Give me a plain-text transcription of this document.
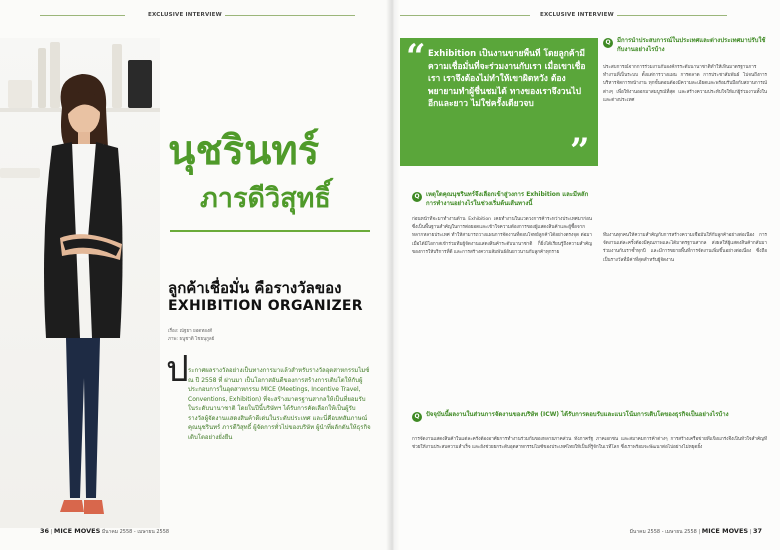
EXCLUSIVE INTERVIEW
นุชรินทร์
ภารดีวิสุทธิ์
ลูกค้าเชื่อมั่น คือรางวัลของ
EXHIBITION ORGANIZER
เรื่อง: ณัฐยา ยอดทองดี
ภาพ: ธนูชาติ ไชยนุกูลย์
ป ระกาศผลรางวัลอย่างเป็นทางการมาแล้วสำหรับรางวัลอุตสาหกรรมไมซ์ ณ ปี 2558 ที่ ผ่านมา เป็นโอกาสอันดีของการสร้างการเติบโตให้กับผู้ประกอบการในอุตสาหกรรม MICE (Meetings, Incentive Travel, Conventions, Exhibition) ที่จะสร้างมาตรฐานสากลให้เป็นที่ยอมรับในระดับนานาชาติ โดยในปีนี้บริษัทฯ ได้รับการคัดเลือกให้เป็นผู้รับรางวัลผู้จัดงานแสดงสินค้าดีเด่นในระดับประเทศ และนี่คือบทสัมภาษณ์ คุณนุชรินทร์ ภารดีวิสุทธิ์ ผู้จัดการทั่วไปของบริษัท ผู้นำที่ผลักดันให้ธุรกิจเติบโตอย่างยั่งยืน
36 | MICE MOVES มีนาคม 2558 - เมษายน 2558
EXCLUSIVE INTERVIEW
มีนาคม 2558 - เมษายน 2558 | MICE MOVES | 37
“ Exhibition เป็นงานขายพื้นที่ โดยลูกค้ามีความเชื่อมั่นที่จะร่วมงานกับเรา เมื่อเขาเชื่อเรา เราจึงต้องไม่ทำให้เขาผิดหวัง ต้องพยายามทำผู้ชื่นชมได้ ทางของเราจึงวนไปอีกและยาว ไม่ใช่ครั้งเดียวจบ
”
Q	เหตุใดคุณนุชรินทร์จึงเลือกเข้าสู่วงการ Exhibition และมีหลักการทำงานอย่างไรในช่วงเริ่มต้นเส้นทางนี้
ก่อนหน้าที่จะมาทำงานด้าน Exhibition เคยทำงานในแวดวงการค้าระหว่างประเทศมาก่อน ซึ่งเป็นพื้นฐานสำคัญในการต่อยอดและเข้าใจความต้องการของผู้แสดงสินค้าและผู้ซื้อจากหลากหลายประเทศ ทำให้สามารถวางแผนการจัดงานที่ตอบโจทย์ลูกค้าได้อย่างตรงจุด ต่อมาเมื่อได้มีโอกาสเข้าร่วมทีมผู้จัดงานแสดงสินค้าระดับนานาชาติ ก็ยิ่งได้เรียนรู้ถึงความสำคัญของการให้บริการที่ดี และการสร้างความสัมพันธ์อันยาวนานกับลูกค้าทุกราย
Q	มีการนำประสบการณ์ในประเทศและต่างประเทศมาปรับใช้กับงานอย่างไรบ้าง
ประสบการณ์จากการร่วมงานกับองค์กรระดับนานาชาติทำให้เห็นมาตรฐานการทำงานที่เป็นระบบ ตั้งแต่การวางแผน การตลาด การประชาสัมพันธ์ ไปจนถึงการบริหารจัดการหน้างาน ทุกขั้นตอนต้องมีความละเอียดและพร้อมรับมือกับสถานการณ์ต่างๆ เพื่อให้งานออกมาสมบูรณ์ที่สุด และสร้างความประทับใจให้แก่ผู้ร่วมงานทั้งในและต่างประเทศ
ทีมงานทุกคนให้ความสำคัญกับการสร้างความเชื่อมั่นให้กับลูกค้าอย่างต่อเนื่อง การจัดงานแต่ละครั้งต้องมีคุณภาพและได้มาตรฐานสากล ส่งผลให้ผู้แสดงสินค้ากลับมาร่วมงานกับเราซ้ำทุกปี และมีการขยายพื้นที่การจัดงานเพิ่มขึ้นอย่างต่อเนื่อง ซึ่งถือเป็นรางวัลที่มีค่าที่สุดสำหรับผู้จัดงาน
Q	ปัจจุบันนี้ผลงานในส่วนการจัดงานของบริษัท (ICW) ได้รับการตอบรับและแนวโน้มการเติบโตของธุรกิจเป็นอย่างไรบ้าง
การจัดงานแสดงสินค้าในแต่ละครั้งต้องอาศัยการทำงานร่วมกันของหลายภาคส่วน ทั้งภาครัฐ ภาคเอกชน และสมาคมการค้าต่างๆ การสร้างเครือข่ายที่แข็งแกร่งจึงเป็นหัวใจสำคัญที่ช่วยให้งานประสบความสำเร็จ และยังช่วยยกระดับอุตสาหกรรมไมซ์ของประเทศไทยให้เป็นที่รู้จักในเวทีโลก ซึ่งเราพร้อมจะพัฒนาต่อไปอย่างไม่หยุดยั้ง
